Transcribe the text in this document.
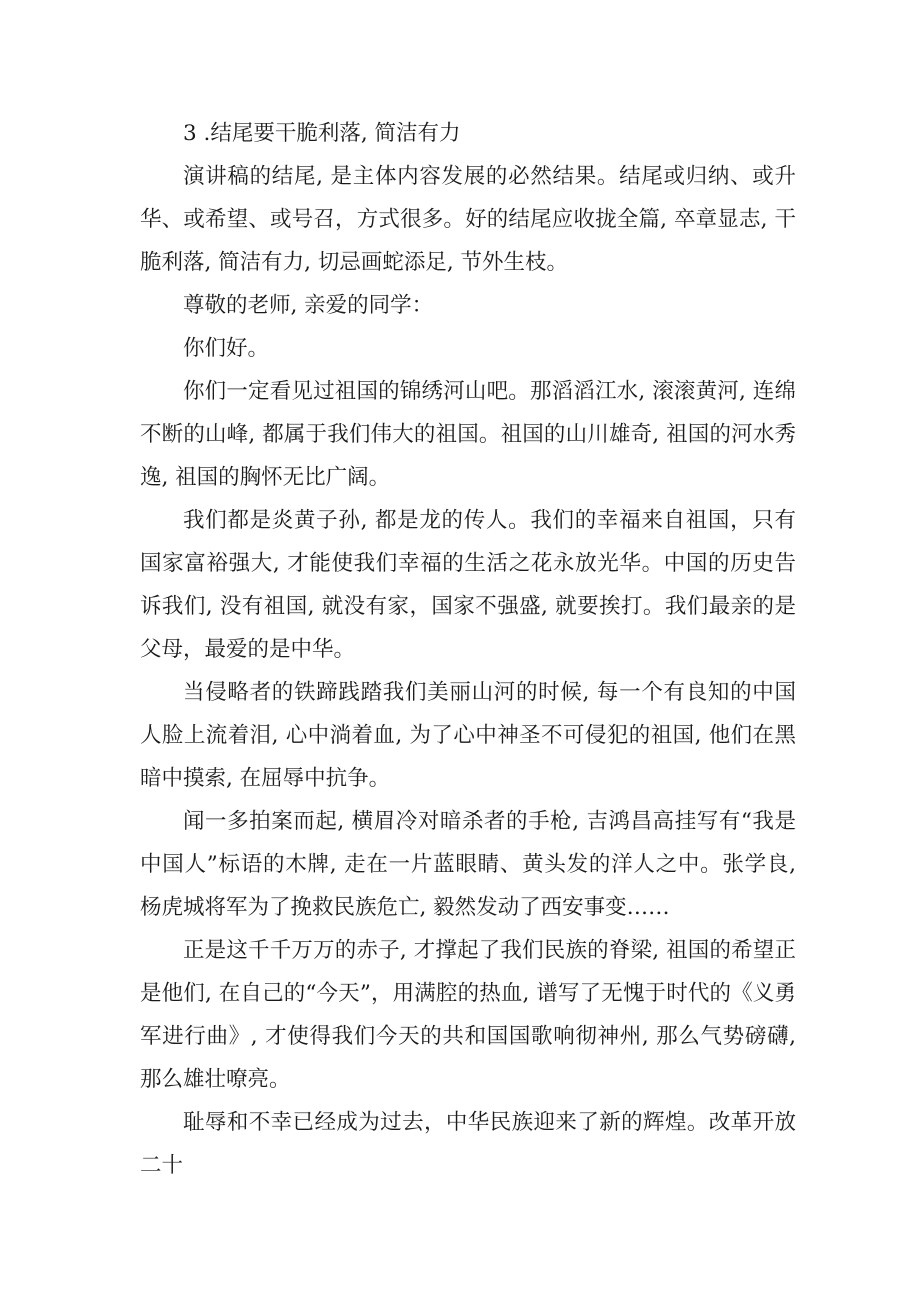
3 .结尾要干脆利落, 简洁有力

演讲稿的结尾, 是主体内容发展的必然结果。结尾或归纳、或升华、或希望、或号召，方式很多。好的结尾应收拢全篇, 卒章显志, 干脆利落, 简洁有力, 切忌画蛇添足, 节外生枝。

尊敬的老师, 亲爱的同学：

你们好。

你们一定看见过祖国的锦绣河山吧。那滔滔江水, 滚滚黄河, 连绵不断的山峰, 都属于我们伟大的祖国。祖国的山川雄奇, 祖国的河水秀逸, 祖国的胸怀无比广阔。

我们都是炎黄子孙, 都是龙的传人。我们的幸福来自祖国，只有国家富裕强大, 才能使我们幸福的生活之花永放光华。中国的历史告诉我们, 没有祖国, 就没有家，国家不强盛, 就要挨打。我们最亲的是父母，最爱的是中华。

当侵略者的铁蹄践踏我们美丽山河的时候, 每一个有良知的中国人脸上流着泪, 心中淌着血, 为了心中神圣不可侵犯的祖国, 他们在黑暗中摸索, 在屈辱中抗争。

闻一多拍案而起, 横眉冷对暗杀者的手枪, 吉鸿昌高挂写有“我是中国人”标语的木牌, 走在一片蓝眼睛、黄头发的洋人之中。张学良, 杨虎城将军为了挽救民族危亡, 毅然发动了西安事变……

正是这千千万万的赤子, 才撑起了我们民族的脊梁, 祖国的希望正是他们, 在自己的“今天”，用满腔的热血, 谱写了无愧于时代的《义勇军进行曲》, 才使得我们今天的共和国国歌响彻神州, 那么气势磅礴, 那么雄壮嘹亮。

耻辱和不幸已经成为过去，中华民族迎来了新的辉煌。改革开放二十
